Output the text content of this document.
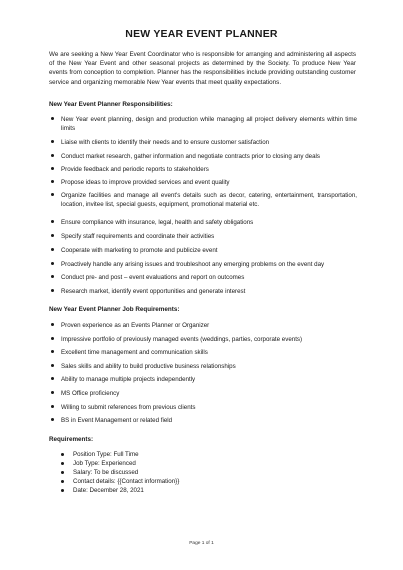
NEW YEAR EVENT PLANNER
We are seeking a New Year Event Coordinator who is responsible for arranging and administering all aspects of the New Year Event and other seasonal projects as determined by the Society. To produce New Year events from conception to completion. Planner has the responsibilities include providing outstanding customer service and organizing memorable New Year events that meet quality expectations.
New Year Event Planner Responsibilities:
New Year event planning, design and production while managing all project delivery elements within time limits
Liaise with clients to identify their needs and to ensure customer satisfaction
Conduct market research, gather information and negotiate contracts prior to closing any deals
Provide feedback and periodic reports to stakeholders
Propose ideas to improve provided services and event quality
Organize facilities and manage all event's details such as decor, catering, entertainment, transportation, location, invitee list, special guests, equipment, promotional material etc.
Ensure compliance with insurance, legal, health and safety obligations
Specify staff requirements and coordinate their activities
Cooperate with marketing to promote and publicize event
Proactively handle any arising issues and troubleshoot any emerging problems on the event day
Conduct pre- and post – event evaluations and report on outcomes
Research market, identify event opportunities and generate interest
New Year Event Planner Job Requirements:
Proven experience as an Events Planner or Organizer
Impressive portfolio of previously managed events (weddings, parties, corporate events)
Excellent time management and communication skills
Sales skills and ability to build productive business relationships
Ability to manage multiple projects independently
MS Office proficiency
Willing to submit references from previous clients
BS in Event Management or related field
Requirements:
Position Type: Full Time
Job Type: Experienced
Salary: To be discussed
Contact details: {{Contact information}}
Date: December 28, 2021
Page 1 of 1
